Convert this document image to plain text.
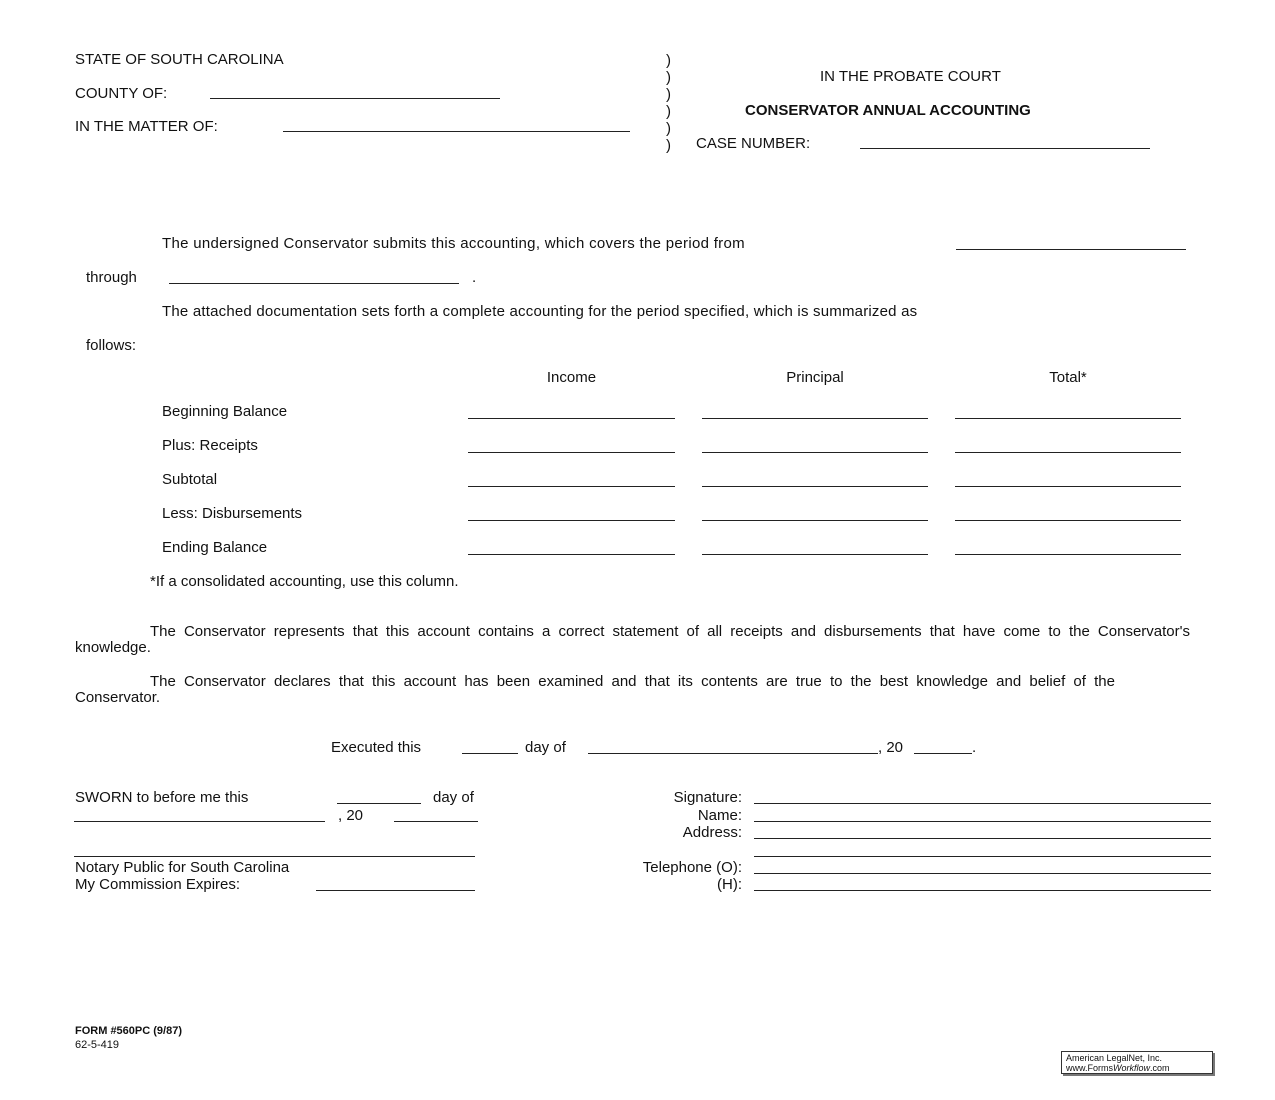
STATE OF SOUTH CAROLINA
COUNTY OF:
IN THE MATTER OF:
)
)
)
)
)
)
IN THE PROBATE COURT
CONSERVATOR ANNUAL ACCOUNTING
CASE NUMBER:
The undersigned Conservator submits this accounting, which covers the period from
through	.
The attached documentation sets forth a complete accounting for the period specified, which is summarized as
follows:
Income	Principal	Total*
Beginning Balance
Plus: Receipts
Subtotal
Less: Disbursements
Ending Balance
*If a consolidated accounting, use this column.
The Conservator represents that this account contains a correct statement of all receipts and disbursements that have come to the Conservator's knowledge.
The Conservator declares that this account has been examined and that its contents are true to the best knowledge and belief of the Conservator.
Executed this	day of	, 20	.
SWORN to before me this	day of
, 20
Notary Public for South Carolina
My Commission Expires:
Signature:
Name:
Address:
Telephone (O):
(H):
FORM #560PC (9/87)
62-5-419
American LegalNet, Inc.
www.FormsWorkflow.com
